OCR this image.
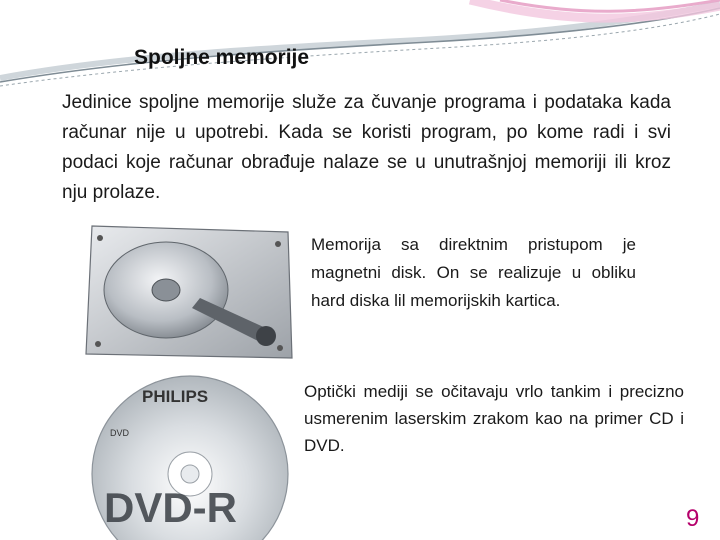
Spoljne memorije
Jedinice spoljne memorije služe za čuvanje programa i podataka kada računar nije u upotrebi. Kada se koristi program, po kome radi i svi podaci koje računar obrađuje nalaze se u unutrašnjoj memoriji ili kroz nju prolaze.
Memorija sa direktnim pristupom je magnetni disk. On se realizuje u obliku hard diska lil memorijskih kartica.
PHILIPS
DVD
DVD-R
Optički mediji se očitavaju vrlo tankim i precizno usmerenim laserskim zrakom kao na primer CD i DVD.
9
